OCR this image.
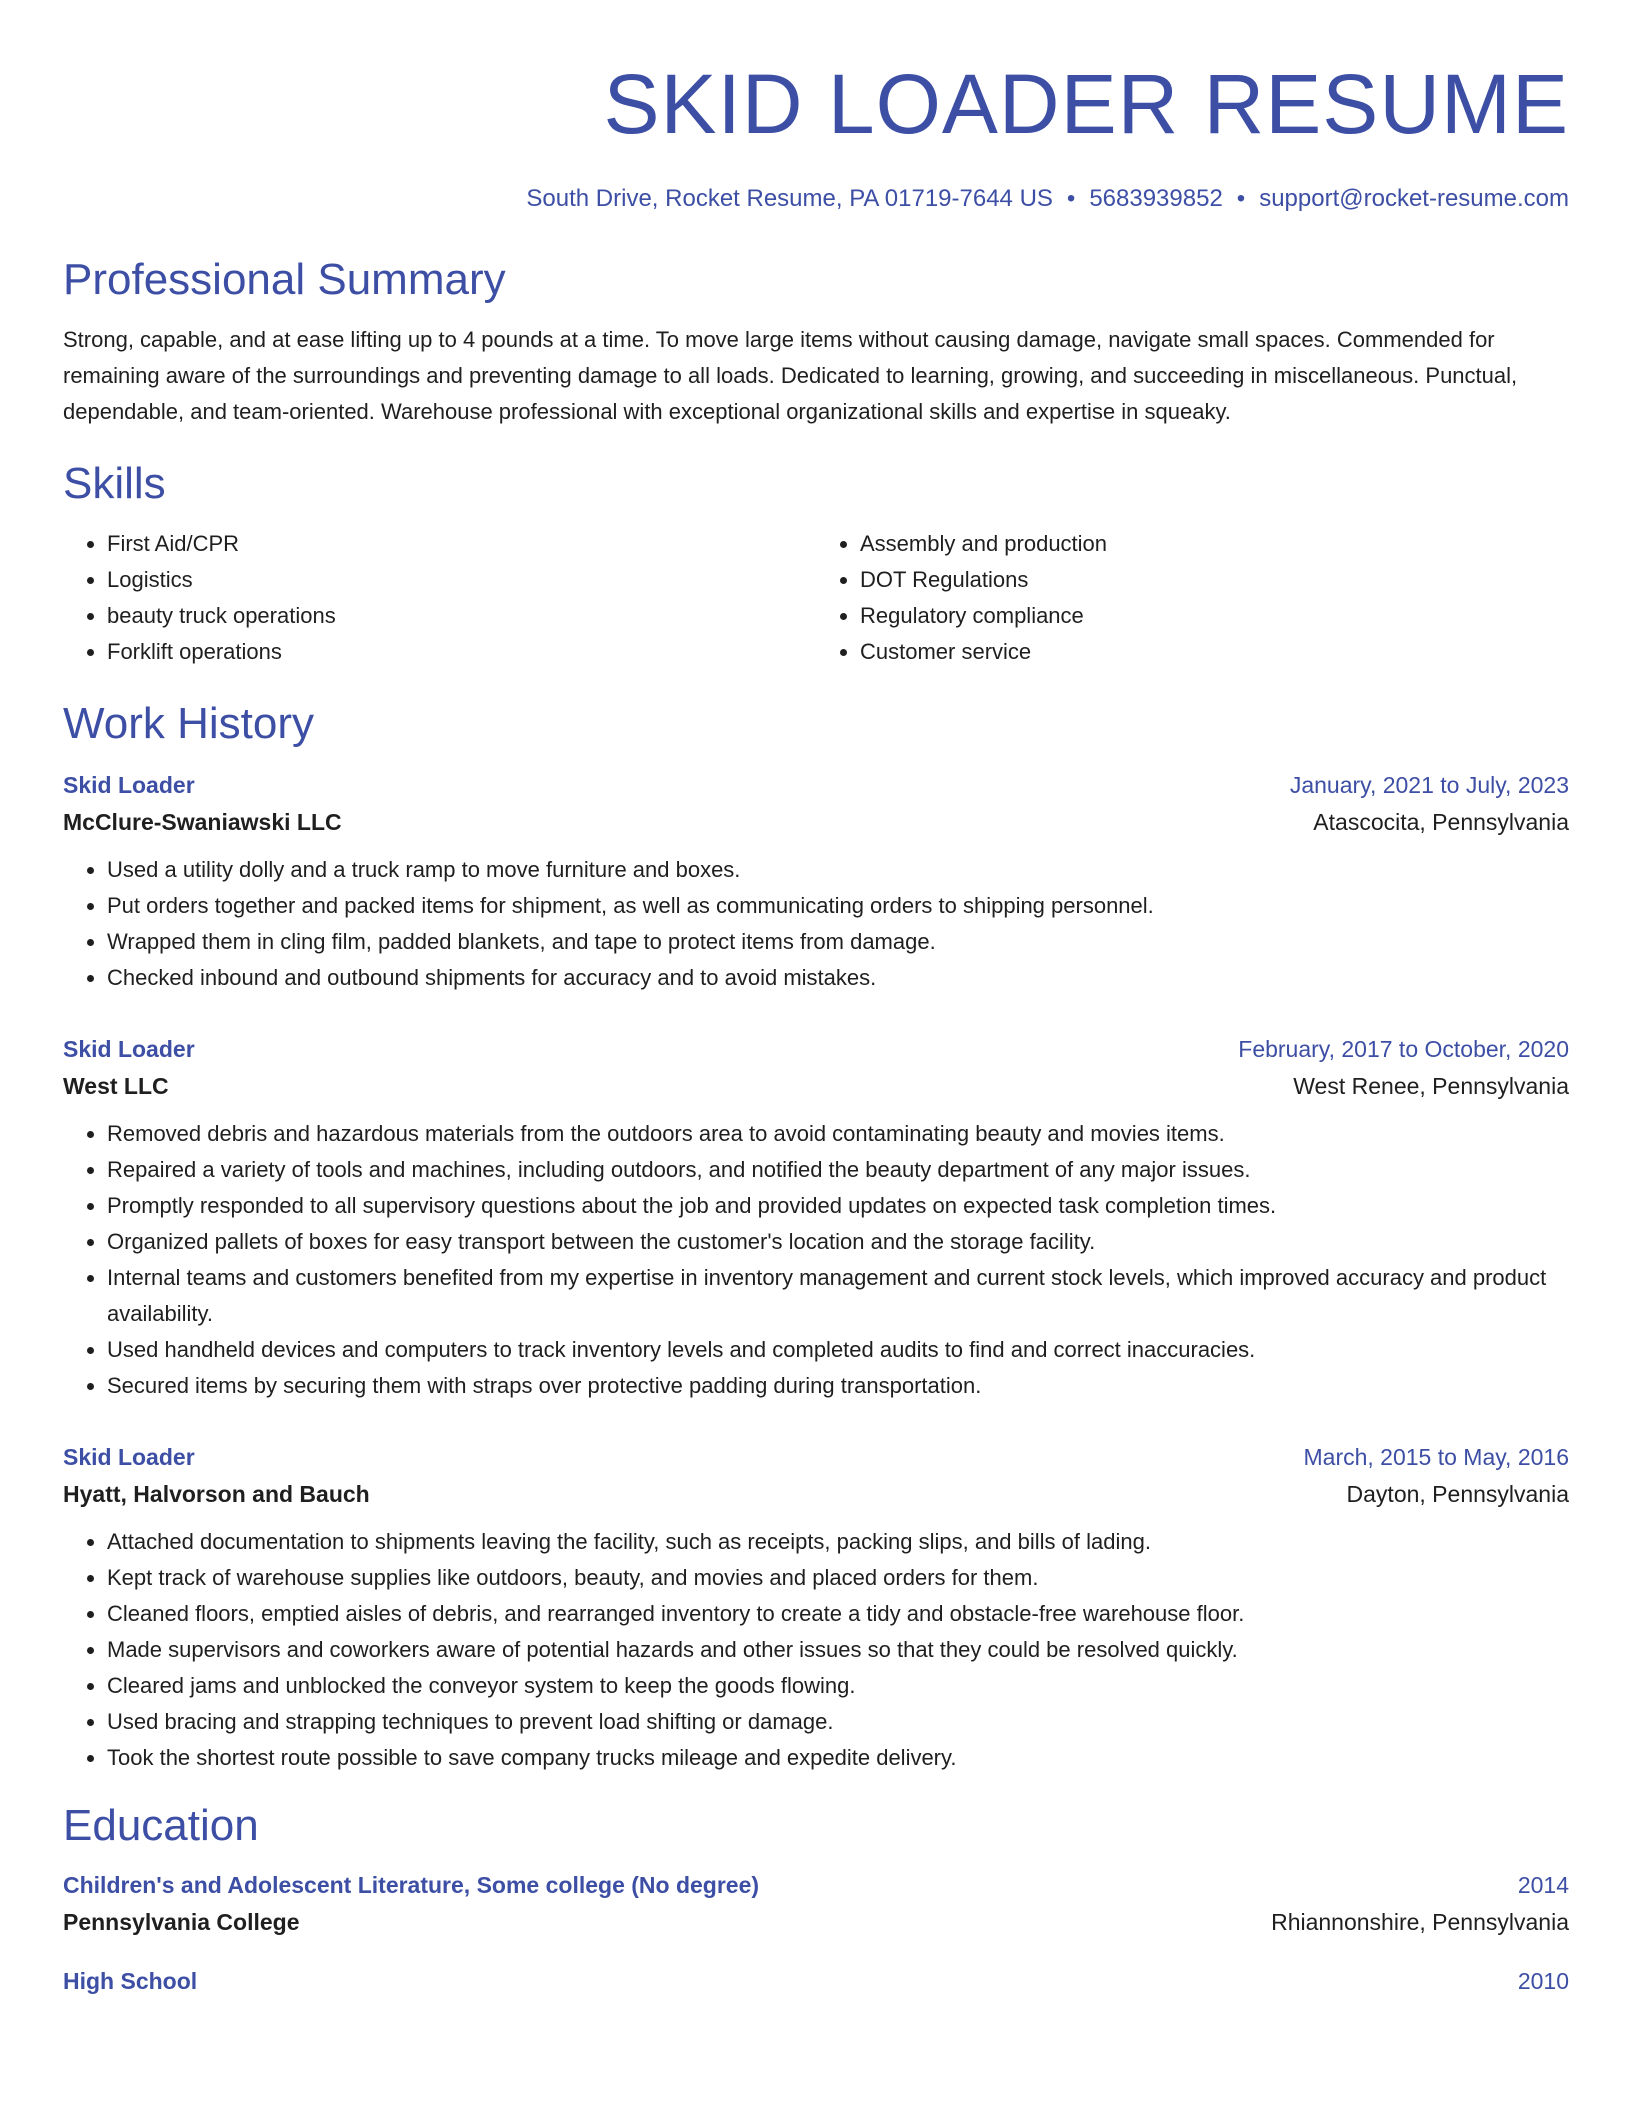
SKID LOADER RESUME
South Drive, Rocket Resume, PA 01719-7644 US • 5683939852 • support@rocket-resume.com
Professional Summary
Strong, capable, and at ease lifting up to 4 pounds at a time. To move large items without causing damage, navigate small spaces. Commended for remaining aware of the surroundings and preventing damage to all loads. Dedicated to learning, growing, and succeeding in miscellaneous. Punctual, dependable, and team-oriented. Warehouse professional with exceptional organizational skills and expertise in squeaky.
Skills
• First Aid/CPR
• Logistics
• beauty truck operations
• Forklift operations
• Assembly and production
• DOT Regulations
• Regulatory compliance
• Customer service
Work History
Skid Loader	January, 2021 to July, 2023
McClure-Swaniawski LLC	Atascocita, Pennsylvania
• Used a utility dolly and a truck ramp to move furniture and boxes.
• Put orders together and packed items for shipment, as well as communicating orders to shipping personnel.
• Wrapped them in cling film, padded blankets, and tape to protect items from damage.
• Checked inbound and outbound shipments for accuracy and to avoid mistakes.
Skid Loader	February, 2017 to October, 2020
West LLC	West Renee, Pennsylvania
• Removed debris and hazardous materials from the outdoors area to avoid contaminating beauty and movies items.
• Repaired a variety of tools and machines, including outdoors, and notified the beauty department of any major issues.
• Promptly responded to all supervisory questions about the job and provided updates on expected task completion times.
• Organized pallets of boxes for easy transport between the customer's location and the storage facility.
• Internal teams and customers benefited from my expertise in inventory management and current stock levels, which improved accuracy and product availability.
• Used handheld devices and computers to track inventory levels and completed audits to find and correct inaccuracies.
• Secured items by securing them with straps over protective padding during transportation.
Skid Loader	March, 2015 to May, 2016
Hyatt, Halvorson and Bauch	Dayton, Pennsylvania
• Attached documentation to shipments leaving the facility, such as receipts, packing slips, and bills of lading.
• Kept track of warehouse supplies like outdoors, beauty, and movies and placed orders for them.
• Cleaned floors, emptied aisles of debris, and rearranged inventory to create a tidy and obstacle-free warehouse floor.
• Made supervisors and coworkers aware of potential hazards and other issues so that they could be resolved quickly.
• Cleared jams and unblocked the conveyor system to keep the goods flowing.
• Used bracing and strapping techniques to prevent load shifting or damage.
• Took the shortest route possible to save company trucks mileage and expedite delivery.
Education
Children's and Adolescent Literature, Some college (No degree)	2014
Pennsylvania College	Rhiannonshire, Pennsylvania
High School	2010
